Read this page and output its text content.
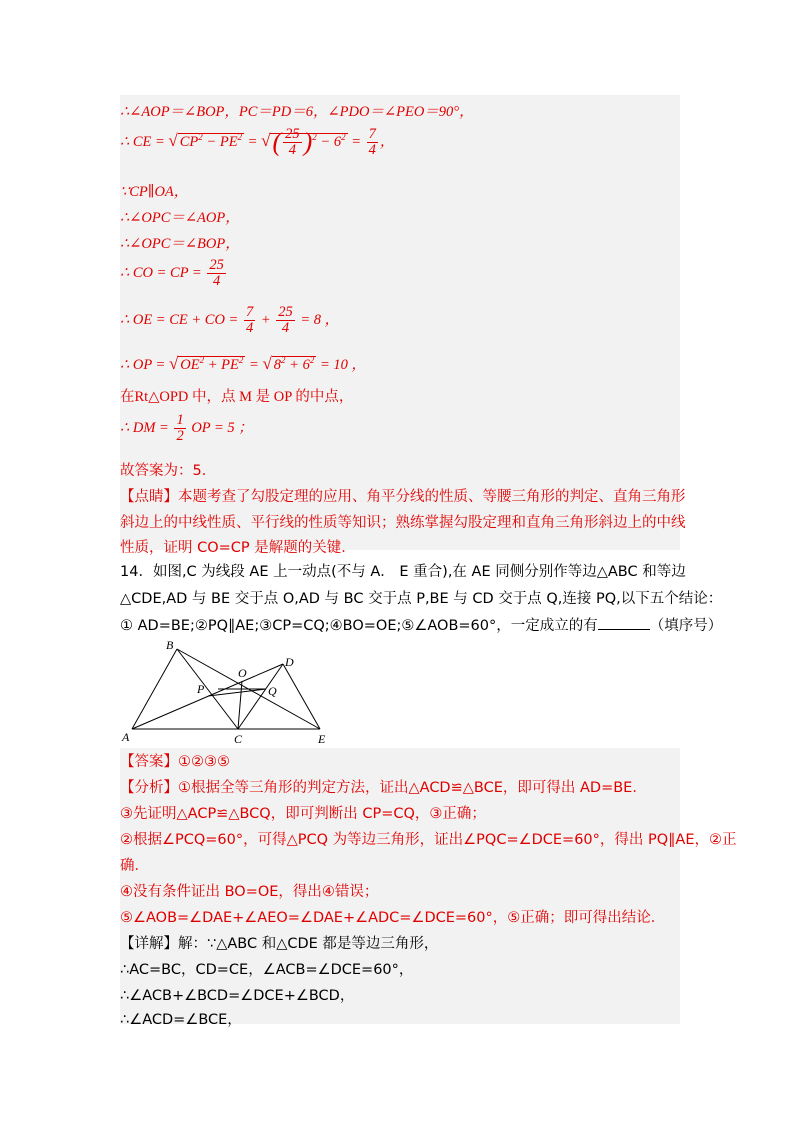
∴∠AOP＝∠BOP，PC＝PD＝6，∠PDO＝∠PEO＝90°，
∴ CE = √ $CP^2 - PE^2$ = √( $\frac{25}{4} )^2 - 6^2 = \frac{7}{4}$ ，
∵CP∥OA，
∴∠OPC＝∠AOP，
∴∠OPC＝∠BOP，
∴ CO = CP = $\frac{25}{4}$
∴ OE = CE + CO = $\frac{7}{4} + \frac{25}{4} = 8$ ，
∴ OP = √ $OE^2 + PE^2$ = √ $8^2 + 6^2 = 10$ ，
在Rt△OPD 中，点 M 是 OP 的中点，
∴ DM = $\frac{1}{2}$ OP = 5 ；
故答案为：5．
【点睛】本题考查了勾股定理的应用、角平分线的性质、等腰三角形的判定、直角三角形
斜边上的中线性质、平行线的性质等知识；熟练掌握勾股定理和直角三角形斜边上的中线
性质，证明 CO=CP 是解题的关键．
14．如图,C 为线段 AE 上一动点(不与 A． E 重合),在 AE 同侧分别作等边△ABC 和等边
△CDE,AD 与 BE 交于点 O,AD 与 BC 交于点 P,BE 与 CD 交于点 Q,连接 PQ,以下五个结论：
① AD=BE;②PQ∥AE;③CP=CQ;④BO=OE;⑤∠AOB=60°，一定成立的有	（填序号）
A
B
C
D
E
O
P	Q
【答案】①②③⑤
【分析】①根据全等三角形的判定方法，证出△ACD≌△BCE，即可得出 AD=BE．
③先证明△ACP≌△BCQ，即可判断出 CP=CQ，③正确；
②根据∠PCQ=60°，可得△PCQ 为等边三角形，证出∠PQC=∠DCE=60°，得出 PQ∥AE，②正
确．
④没有条件证出 BO=OE，得出④错误；
⑤∠AOB=∠DAE+∠AEO=∠DAE+∠ADC=∠DCE=60°，⑤正确；即可得出结论．
【详解】解：∵△ABC 和△CDE 都是等边三角形，
∴AC=BC，CD=CE，∠ACB=∠DCE=60°，
∴∠ACB+∠BCD=∠DCE+∠BCD，
∴∠ACD=∠BCE，
